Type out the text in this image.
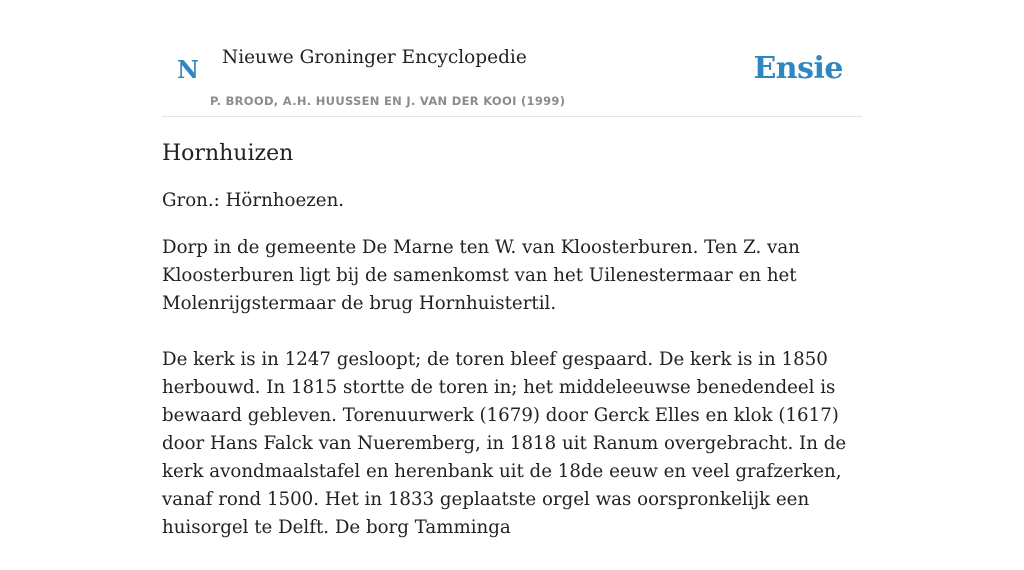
N Nieuwe Groninger Encyclopedie
P. BROOD, A.H. HUUSSEN EN J. VAN DER KOOI (1999)
Ensie
Hornhuizen

Gron.: Hörnhoezen.

Dorp in de gemeente De Marne ten W. van Kloosterburen. Ten Z. van Kloosterburen ligt bij de samenkomst van het Uilenestermaar en het Molenrijgstermaar de brug Hornhuistertil.

De kerk is in 1247 gesloopt; de toren bleef gespaard. De kerk is in 1850 herbouwd. In 1815 stortte de toren in; het middeleeuwse benedendeel is bewaard gebleven. Torenuurwerk (1679) door Gerck Elles en klok (1617) door Hans Falck van Nueremberg, in 1818 uit Ranum overgebracht. In de kerk avondmaalstafel en herenbank uit de 18de eeuw en veel grafzerken, vanaf rond 1500. Het in 1833 geplaatste orgel was oorspronkelijk een huisorgel te Delft. De borg Tamminga
